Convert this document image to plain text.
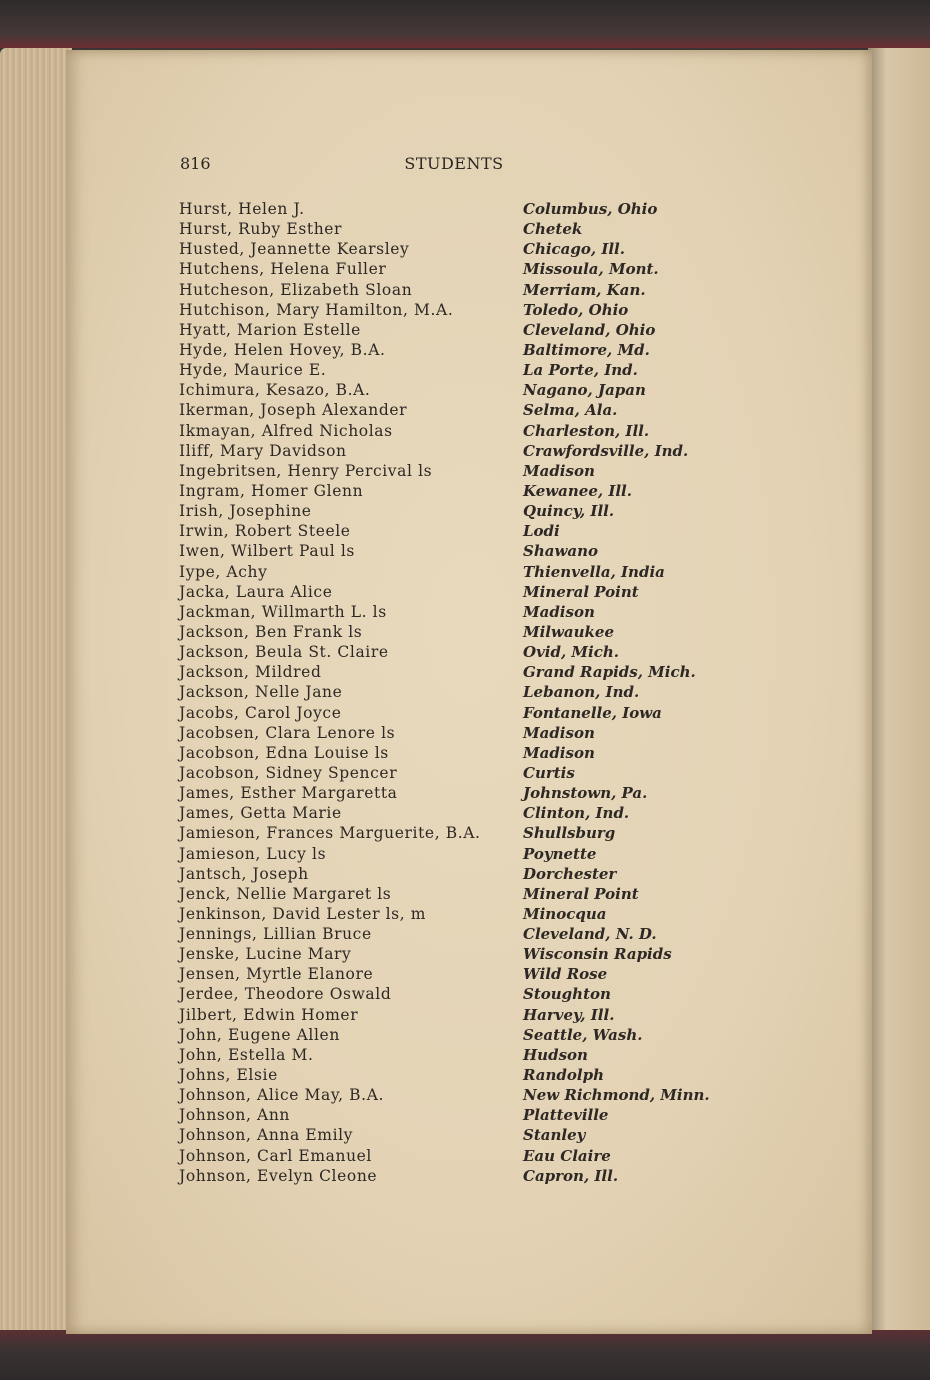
816	STUDENTS
Hurst, Helen J.	Columbus, Ohio
Hurst, Ruby Esther	Chetek
Husted, Jeannette Kearsley	Chicago, Ill.
Hutchens, Helena Fuller	Missoula, Mont.
Hutcheson, Elizabeth Sloan	Merriam, Kan.
Hutchison, Mary Hamilton, M.A.	Toledo, Ohio
Hyatt, Marion Estelle	Cleveland, Ohio
Hyde, Helen Hovey, B.A.	Baltimore, Md.
Hyde, Maurice E.	La Porte, Ind.
Ichimura, Kesazo, B.A.	Nagano, Japan
Ikerman, Joseph Alexander	Selma, Ala.
Ikmayan, Alfred Nicholas	Charleston, Ill.
Iliff, Mary Davidson	Crawfordsville, Ind.
Ingebritsen, Henry Percival ls	Madison
Ingram, Homer Glenn	Kewanee, Ill.
Irish, Josephine	Quincy, Ill.
Irwin, Robert Steele	Lodi
Iwen, Wilbert Paul ls	Shawano
Iype, Achy	Thienvella, India
Jacka, Laura Alice	Mineral Point
Jackman, Willmarth L. ls	Madison
Jackson, Ben Frank ls	Milwaukee
Jackson, Beula St. Claire	Ovid, Mich.
Jackson, Mildred	Grand Rapids, Mich.
Jackson, Nelle Jane	Lebanon, Ind.
Jacobs, Carol Joyce	Fontanelle, Iowa
Jacobsen, Clara Lenore ls	Madison
Jacobson, Edna Louise ls	Madison
Jacobson, Sidney Spencer	Curtis
James, Esther Margaretta	Johnstown, Pa.
James, Getta Marie	Clinton, Ind.
Jamieson, Frances Marguerite, B.A.	Shullsburg
Jamieson, Lucy ls	Poynette
Jantsch, Joseph	Dorchester
Jenck, Nellie Margaret ls	Mineral Point
Jenkinson, David Lester ls, m	Minocqua
Jennings, Lillian Bruce	Cleveland, N. D.
Jenske, Lucine Mary	Wisconsin Rapids
Jensen, Myrtle Elanore	Wild Rose
Jerdee, Theodore Oswald	Stoughton
Jilbert, Edwin Homer	Harvey, Ill.
John, Eugene Allen	Seattle, Wash.
John, Estella M.	Hudson
Johns, Elsie	Randolph
Johnson, Alice May, B.A.	New Richmond, Minn.
Johnson, Ann	Platteville
Johnson, Anna Emily	Stanley
Johnson, Carl Emanuel	Eau Claire
Johnson, Evelyn Cleone	Capron, Ill.
